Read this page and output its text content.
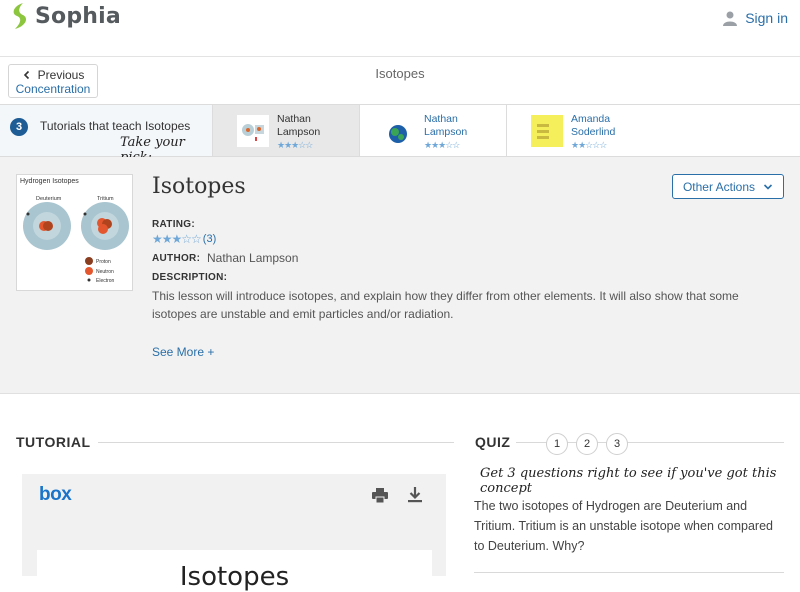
Sophia	Sign in
Previous
Concentration
Isotopes
3	Tutorials that teach Isotopes
Take your
Nathan
Lampson
★★★☆☆
Nathan
Lampson
★★★☆☆
Amanda
Soderlind
★★☆☆☆
Hydrogen Isotopes
Deuterium	Tritium
Proton
Neutron
Electron
Isotopes	Other Actions
RATING:
★★★☆☆ (3)
AUTHOR: Nathan Lampson
DESCRIPTION:
This lesson will introduce isotopes, and explain how they differ from other elements. It will also show that some isotopes are unstable and emit particles and/or radiation.
See More +
TUTORIAL
box
Isotopes
QUIZ	1	2	3
Get 3 questions right to see if you've got this concept
The two isotopes of Hydrogen are Deuterium and Tritium. Tritium is an unstable isotope when compared to Deuterium. Why?
